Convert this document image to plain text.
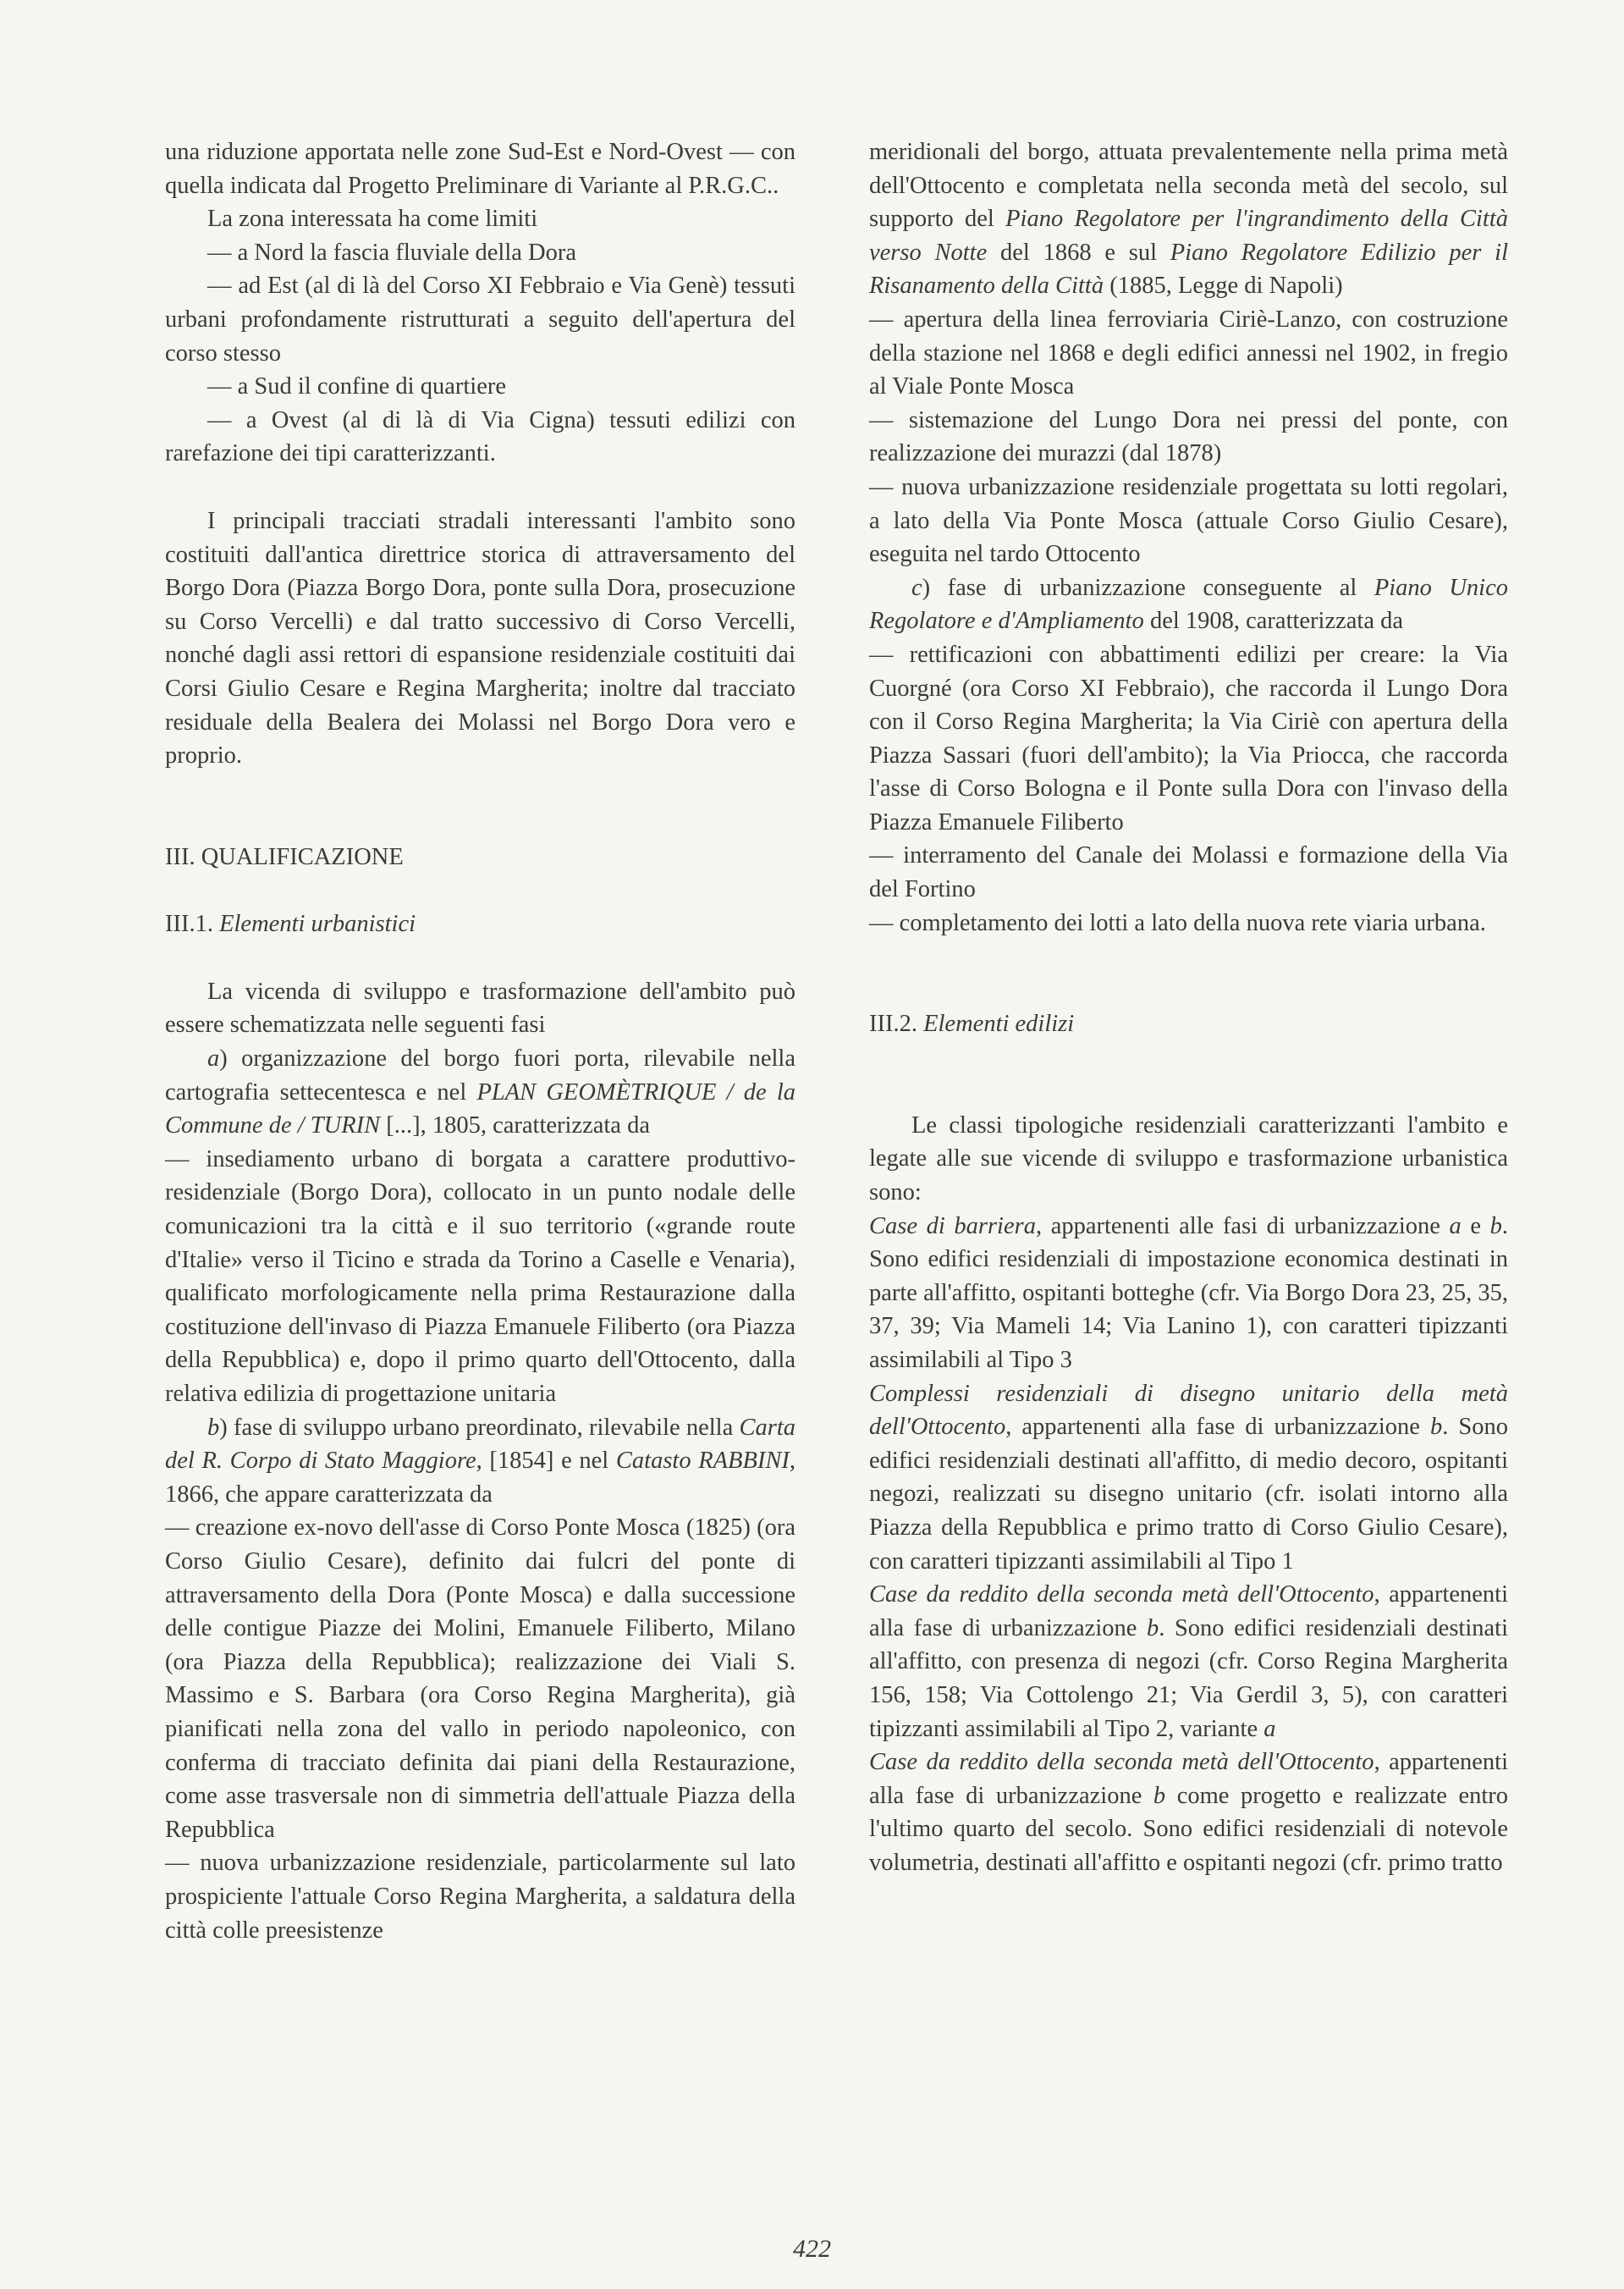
una riduzione apportata nelle zone Sud-Est e Nord-Ovest — con quella indicata dal Progetto Preliminare di Variante al P.R.G.C..

La zona interessata ha come limiti

— a Nord la fascia fluviale della Dora

— ad Est (al di là del Corso XI Febbraio e Via Genè) tessuti urbani profondamente ristrutturati a seguito dell'apertura del corso stesso

— a Sud il confine di quartiere

— a Ovest (al di là di Via Cigna) tessuti edilizi con rarefazione dei tipi caratterizzanti.

I principali tracciati stradali interessanti l'ambito sono costituiti dall'antica direttrice storica di attraversamento del Borgo Dora (Piazza Borgo Dora, ponte sulla Dora, prosecuzione su Corso Vercelli) e dal tratto successivo di Corso Vercelli, nonché dagli assi rettori di espansione residenziale costituiti dai Corsi Giulio Cesare e Regina Margherita; inoltre dal tracciato residuale della Bealera dei Molassi nel Borgo Dora vero e proprio.

III. QUALIFICAZIONE

III.1. Elementi urbanistici

La vicenda di sviluppo e trasformazione dell'ambito può essere schematizzata nelle seguenti fasi

a) organizzazione del borgo fuori porta, rilevabile nella cartografia settecentesca e nel PLAN GEOMÈTRIQUE / de la Commune de / TURIN [...], 1805, caratterizzata da

— insediamento urbano di borgata a carattere produttivo-residenziale (Borgo Dora), collocato in un punto nodale delle comunicazioni tra la città e il suo territorio («grande route d'Italie» verso il Ticino e strada da Torino a Caselle e Venaria), qualificato morfologicamente nella prima Restaurazione dalla costituzione dell'invaso di Piazza Emanuele Filiberto (ora Piazza della Repubblica) e, dopo il primo quarto dell'Ottocento, dalla relativa edilizia di progettazione unitaria

b) fase di sviluppo urbano preordinato, rilevabile nella Carta del R. Corpo di Stato Maggiore, [1854] e nel Catasto RABBINI, 1866, che appare caratterizzata da

— creazione ex-novo dell'asse di Corso Ponte Mosca (1825) (ora Corso Giulio Cesare), definito dai fulcri del ponte di attraversamento della Dora (Ponte Mosca) e dalla successione delle contigue Piazze dei Molini, Emanuele Filiberto, Milano (ora Piazza della Repubblica); realizzazione dei Viali S. Massimo e S. Barbara (ora Corso Regina Margherita), già pianificati nella zona del vallo in periodo napoleonico, con conferma di tracciato definita dai piani della Restaurazione, come asse trasversale non di simmetria dell'attuale Piazza della Repubblica

— nuova urbanizzazione residenziale, particolarmente sul lato prospiciente l'attuale Corso Regina Margherita, a saldatura della città colle preesistenze

meridionali del borgo, attuata prevalentemente nella prima metà dell'Ottocento e completata nella seconda metà del secolo, sul supporto del Piano Regolatore per l'ingrandimento della Città verso Notte del 1868 e sul Piano Regolatore Edilizio per il Risanamento della Città (1885, Legge di Napoli)

— apertura della linea ferroviaria Ciriè-Lanzo, con costruzione della stazione nel 1868 e degli edifici annessi nel 1902, in fregio al Viale Ponte Mosca

— sistemazione del Lungo Dora nei pressi del ponte, con realizzazione dei murazzi (dal 1878)

— nuova urbanizzazione residenziale progettata su lotti regolari, a lato della Via Ponte Mosca (attuale Corso Giulio Cesare), eseguita nel tardo Ottocento

c) fase di urbanizzazione conseguente al Piano Unico Regolatore e d'Ampliamento del 1908, caratterizzata da

— rettificazioni con abbattimenti edilizi per creare: la Via Cuorgné (ora Corso XI Febbraio), che raccorda il Lungo Dora con il Corso Regina Margherita; la Via Ciriè con apertura della Piazza Sassari (fuori dell'ambito); la Via Priocca, che raccorda l'asse di Corso Bologna e il Ponte sulla Dora con l'invaso della Piazza Emanuele Filiberto

— interramento del Canale dei Molassi e formazione della Via del Fortino

— completamento dei lotti a lato della nuova rete viaria urbana.

III.2. Elementi edilizi

Le classi tipologiche residenziali caratterizzanti l'ambito e legate alle sue vicende di sviluppo e trasformazione urbanistica sono:

Case di barriera, appartenenti alle fasi di urbanizzazione a e b. Sono edifici residenziali di impostazione economica destinati in parte all'affitto, ospitanti botteghe (cfr. Via Borgo Dora 23, 25, 35, 37, 39; Via Mameli 14; Via Lanino 1), con caratteri tipizzanti assimilabili al Tipo 3

Complessi residenziali di disegno unitario della metà dell'Ottocento, appartenenti alla fase di urbanizzazione b. Sono edifici residenziali destinati all'affitto, di medio decoro, ospitanti negozi, realizzati su disegno unitario (cfr. isolati intorno alla Piazza della Repubblica e primo tratto di Corso Giulio Cesare), con caratteri tipizzanti assimilabili al Tipo 1

Case da reddito della seconda metà dell'Ottocento, appartenenti alla fase di urbanizzazione b. Sono edifici residenziali destinati all'affitto, con presenza di negozi (cfr. Corso Regina Margherita 156, 158; Via Cottolengo 21; Via Gerdil 3, 5), con caratteri tipizzanti assimilabili al Tipo 2, variante a

Case da reddito della seconda metà dell'Ottocento, appartenenti alla fase di urbanizzazione b come progetto e realizzate entro l'ultimo quarto del secolo. Sono edifici residenziali di notevole volumetria, destinati all'affitto e ospitanti negozi (cfr. primo tratto

422
